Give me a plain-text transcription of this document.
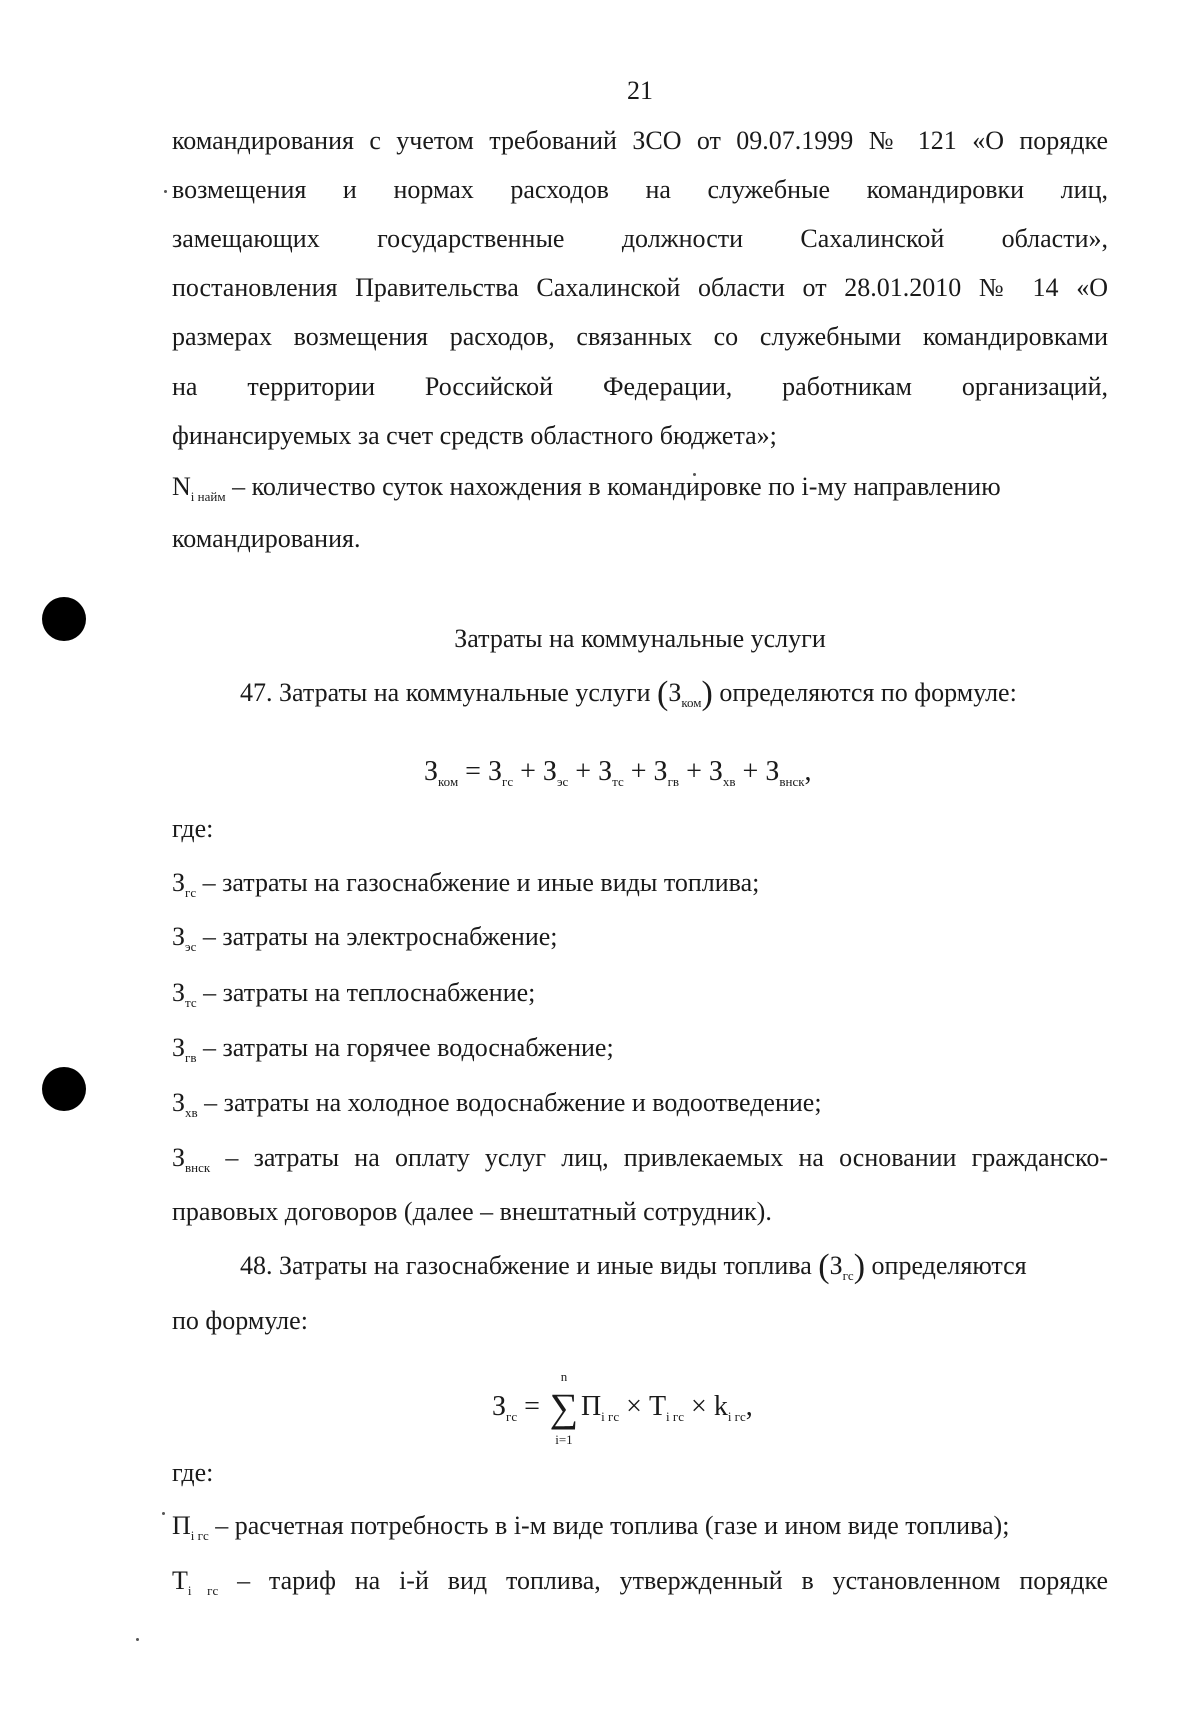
21
командирования с учетом требований ЗСО от 09.07.1999 № 121 «О порядке
возмещения и нормах расходов на служебные командировки лиц,
замещающих государственные должности Сахалинской области»,
постановления Правительства Сахалинской области от 28.01.2010 № 14 «О
размерах возмещения расходов, связанных со служебными командировками
на территории Российской Федерации, работникам организаций,
финансируемых за счет средств областного бюджета»;
$N_{i найм}$ – количество суток нахождения в командировке по i-му направлению
командирования.
Затраты на коммунальные услуги
47. Затраты на коммунальные услуги $(З_{ком})$ определяются по формуле:
$З_{ком} = З_{гс} + З_{эс} + З_{тс} + З_{гв} + З_{хв} + З_{внск}$,
где:
$З_{гс}$ – затраты на газоснабжение и иные виды топлива;
$З_{эс}$ – затраты на электроснабжение;
$З_{тс}$ – затраты на теплоснабжение;
$З_{гв}$ – затраты на горячее водоснабжение;
$З_{хв}$ – затраты на холодное водоснабжение и водоотведение;
$З_{внск}$ – затраты на оплату услуг лиц, привлекаемых на основании гражданско-
правовых договоров (далее – внештатный сотрудник).
48. Затраты на газоснабжение и иные виды топлива $(З_{гс})$ определяются
по формуле:
$З_{гс}$ =
n
∑
i=1
$П_{i гс} \times Т_{i гс} \times k_{i гс}$,
где:
$П_{i гс}$ – расчетная потребность в i-м виде топлива (газе и ином виде топлива);
$Т_{i гс}$ – тариф на i-й вид топлива, утвержденный в установленном порядке
